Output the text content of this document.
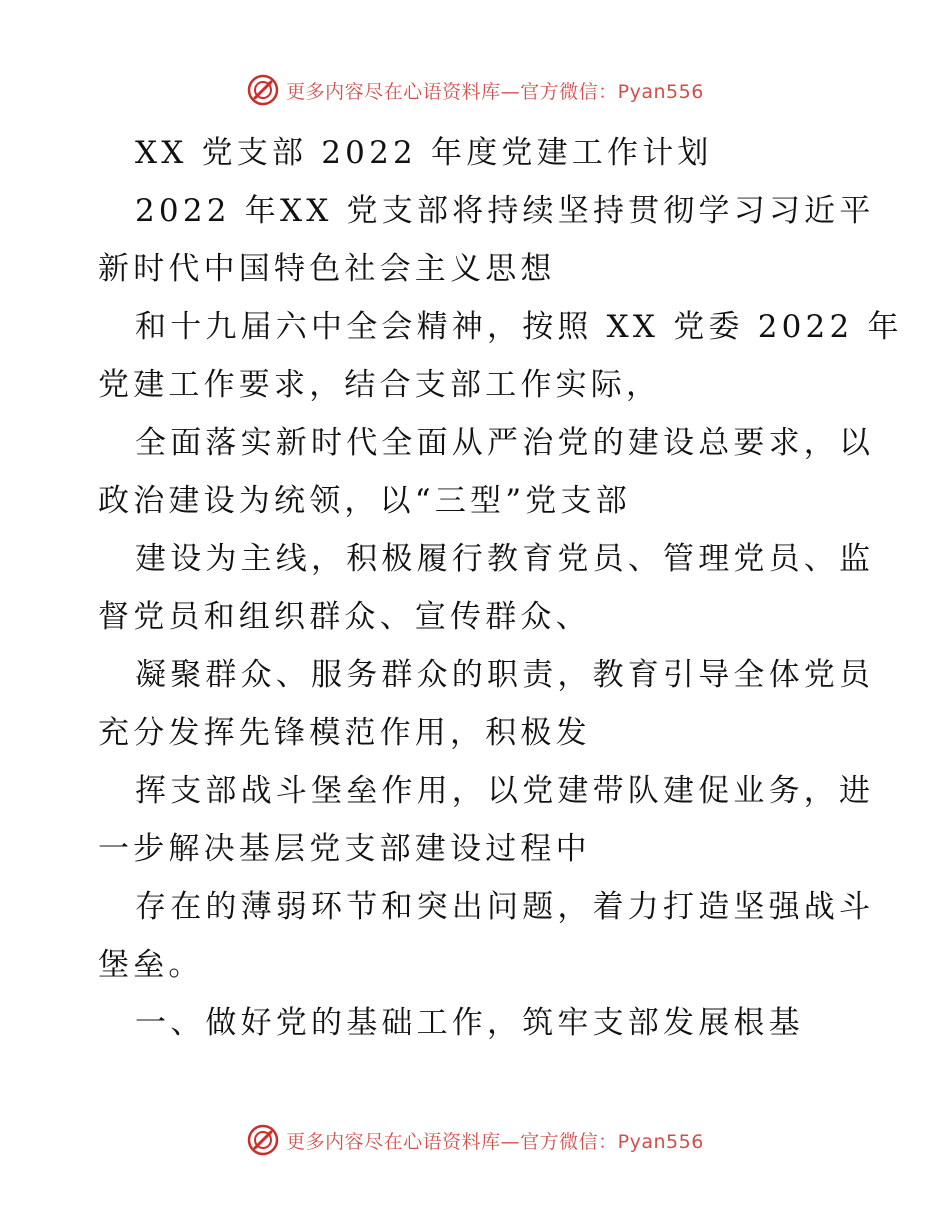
更多内容尽在心语资料库—官方微信：Pyan556
XX 党支部 2022 年度党建工作计划
2022 年XX 党支部将持续坚持贯彻学习习近平
新时代中国特色社会主义思想
和十九届六中全会精神，按照 XX 党委 2022 年
党建工作要求，结合支部工作实际，
全面落实新时代全面从严治党的建设总要求，以
政治建设为统领，以“三型”党支部
建设为主线，积极履行教育党员、管理党员、监
督党员和组织群众、宣传群众、
凝聚群众、服务群众的职责，教育引导全体党员
充分发挥先锋模范作用，积极发
挥支部战斗堡垒作用，以党建带队建促业务，进
一步解决基层党支部建设过程中
存在的薄弱环节和突出问题，着力打造坚强战斗
堡垒。
一、做好党的基础工作，筑牢支部发展根基
更多内容尽在心语资料库—官方微信：Pyan556
